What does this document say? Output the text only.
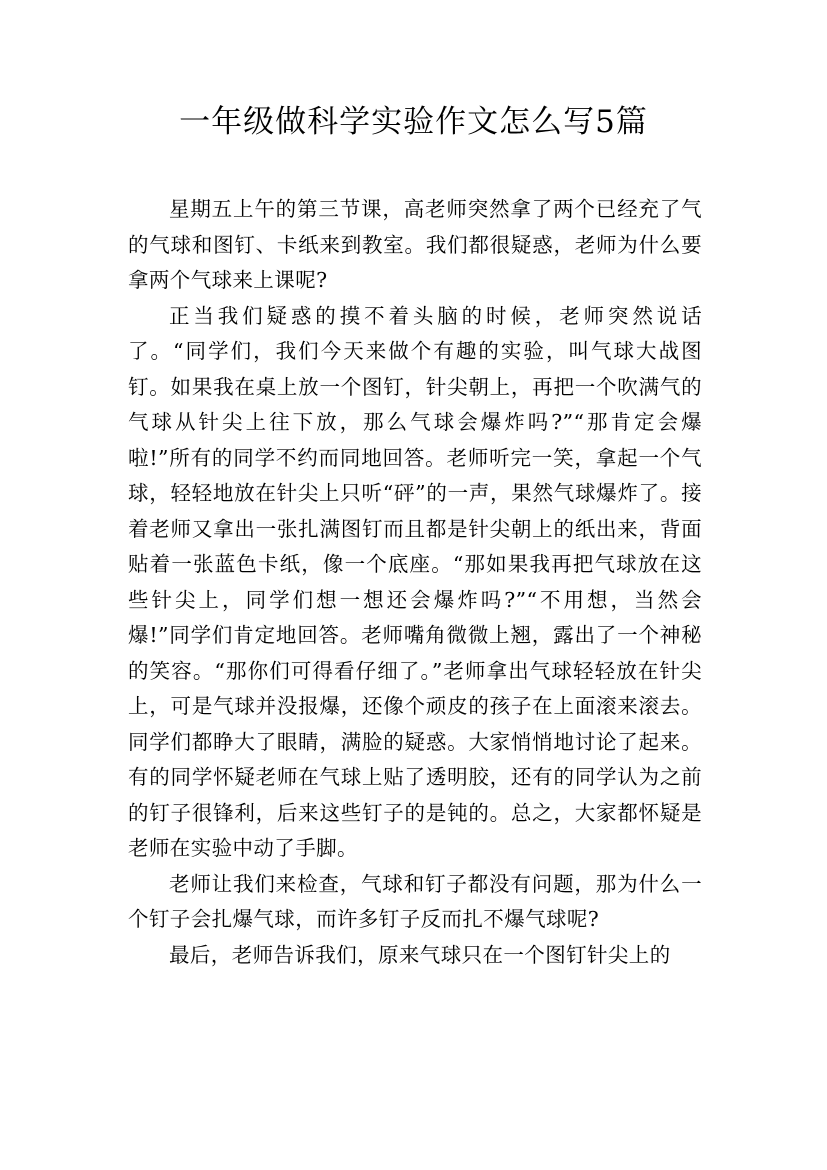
一年级做科学实验作文怎么写5篇

星期五上午的第三节课，高老师突然拿了两个已经充了气的气球和图钉、卡纸来到教室。我们都很疑惑，老师为什么要拿两个气球来上课呢?

正当我们疑惑的摸不着头脑的时候，老师突然说话了。“同学们，我们今天来做个有趣的实验，叫气球大战图钉。如果我在桌上放一个图钉，针尖朝上，再把一个吹满气的气球从针尖上往下放，那么气球会爆炸吗?”“那肯定会爆啦!”所有的同学不约而同地回答。老师听完一笑，拿起一个气球，轻轻地放在针尖上只听“砰”的一声，果然气球爆炸了。接着老师又拿出一张扎满图钉而且都是针尖朝上的纸出来，背面贴着一张蓝色卡纸，像一个底座。“那如果我再把气球放在这些针尖上，同学们想一想还会爆炸吗?”“不用想，当然会爆!”同学们肯定地回答。老师嘴角微微上翘，露出了一个神秘的笑容。“那你们可得看仔细了。”老师拿出气球轻轻放在针尖上，可是气球并没报爆，还像个顽皮的孩子在上面滚来滚去。同学们都睁大了眼睛，满脸的疑惑。大家悄悄地讨论了起来。有的同学怀疑老师在气球上贴了透明胶，还有的同学认为之前的钉子很锋利，后来这些钉子的是钝的。总之，大家都怀疑是老师在实验中动了手脚。

老师让我们来检查，气球和钉子都没有问题，那为什么一个钉子会扎爆气球，而许多钉子反而扎不爆气球呢?

最后，老师告诉我们，原来气球只在一个图钉针尖上的
